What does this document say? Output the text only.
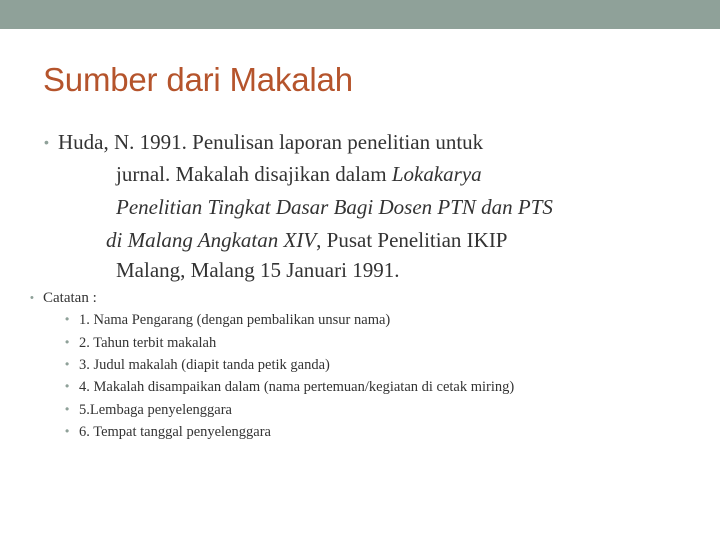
Sumber dari Makalah
• Huda, N. 1991. Penulisan laporan penelitian untuk
jurnal. Makalah disajikan dalam Lokakarya
Penelitian Tingkat Dasar Bagi Dosen PTN dan PTS
di Malang Angkatan XIV, Pusat Penelitian IKIP
Malang, Malang 15 Januari 1991.
• Catatan :
• 1. Nama Pengarang (dengan pembalikan unsur nama)
• 2. Tahun terbit makalah
• 3. Judul makalah (diapit tanda petik ganda)
• 4. Makalah disampaikan dalam (nama pertemuan/kegiatan di cetak miring)
• 5.Lembaga penyelenggara
• 6. Tempat tanggal penyelenggara
